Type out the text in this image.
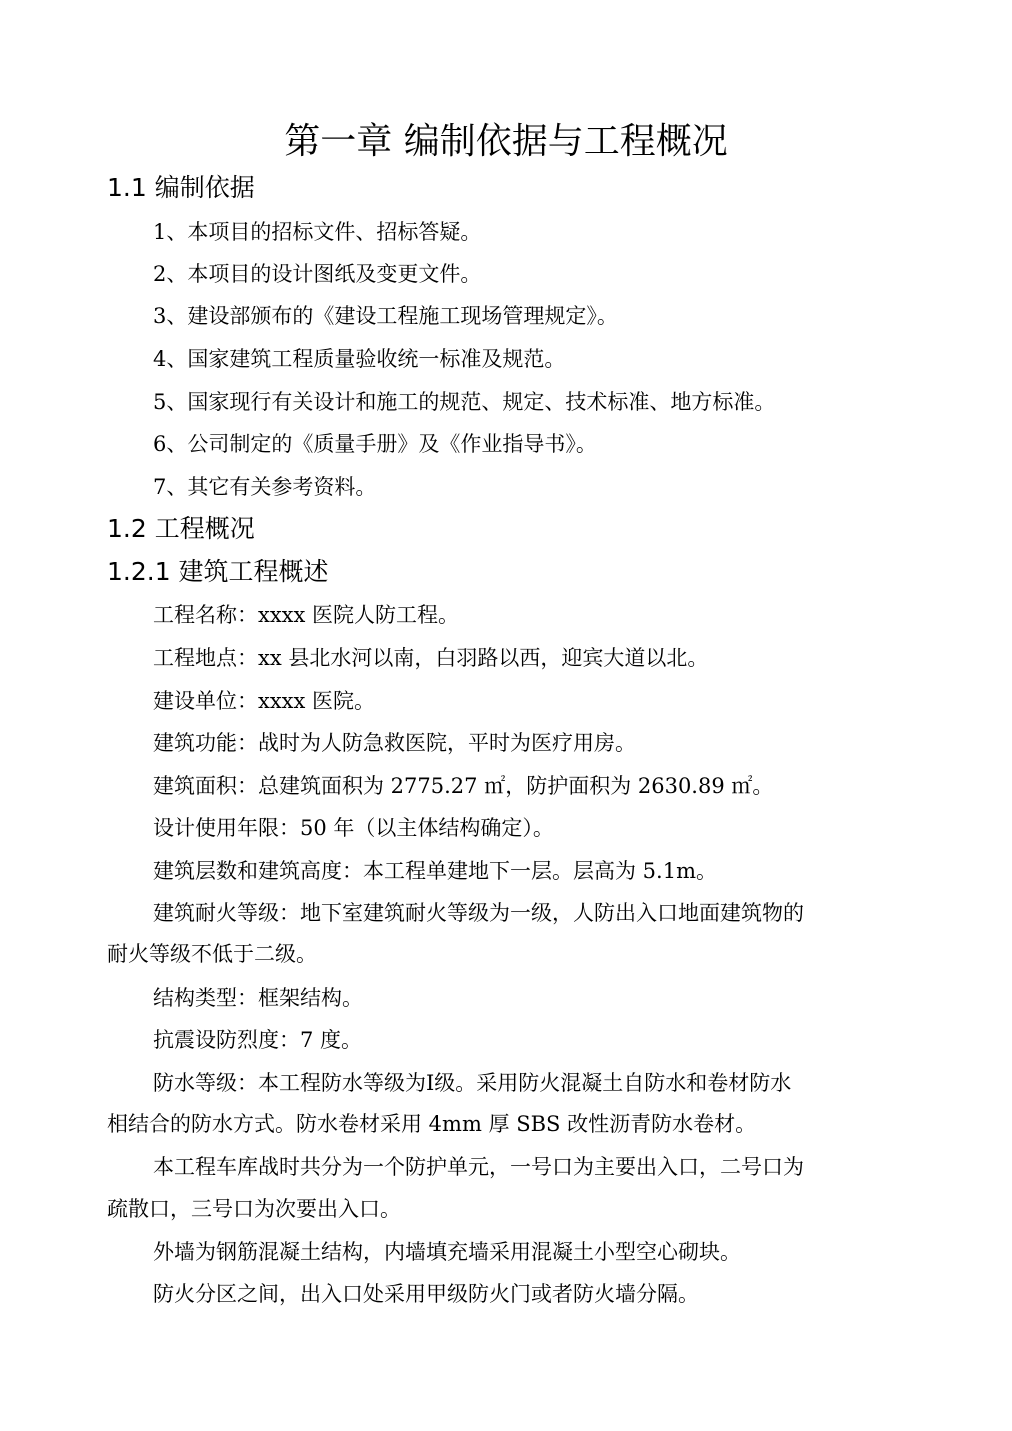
第一章 编制依据与工程概况
1.1 编制依据
1、本项目的招标文件、招标答疑。
2、本项目的设计图纸及变更文件。
3、建设部颁布的《建设工程施工现场管理规定》。
4、国家建筑工程质量验收统一标准及规范。
5、国家现行有关设计和施工的规范、规定、技术标准、地方标准。
6、公司制定的《质量手册》及《作业指导书》。
7、其它有关参考资料。
1.2 工程概况
1.2.1 建筑工程概述
工程名称：xxxx 医院人防工程。
工程地点：xx 县北水河以南，白羽路以西，迎宾大道以北。
建设单位：xxxx 医院。
建筑功能：战时为人防急救医院，平时为医疗用房。
建筑面积：总建筑面积为 2775.27 ㎡，防护面积为 2630.89 ㎡。
设计使用年限：50 年（以主体结构确定）。
建筑层数和建筑高度：本工程单建地下一层。层高为 5.1m。
建筑耐火等级：地下室建筑耐火等级为一级，人防出入口地面建筑物的
耐火等级不低于二级。
结构类型：框架结构。
抗震设防烈度：7 度。
防水等级：本工程防水等级为Ⅰ级。采用防火混凝土自防水和卷材防水
相结合的防水方式。防水卷材采用 4mm 厚 SBS 改性沥青防水卷材。
本工程车库战时共分为一个防护单元，一号口为主要出入口，二号口为
疏散口，三号口为次要出入口。
外墙为钢筋混凝土结构，内墙填充墙采用混凝土小型空心砌块。
防火分区之间，出入口处采用甲级防火门或者防火墙分隔。
